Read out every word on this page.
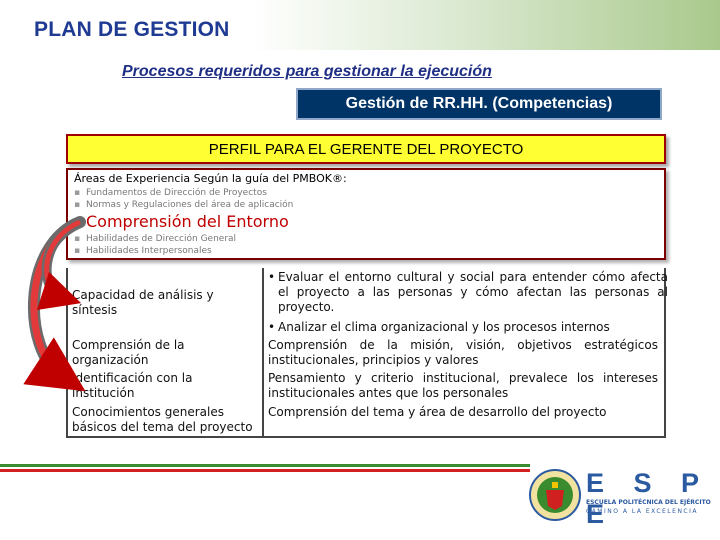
PLAN DE GESTION
Procesos requeridos para gestionar la ejecución
Gestión de RR.HH. (Competencias)
PERFIL PARA EL GERENTE DEL PROYECTO
Áreas de Experiencia Según la guía del PMBOK®:
▪ Fundamentos de Dirección de Proyectos
▪ Normas y Regulaciones del área de aplicación
▪ Comprensión del Entorno
▪ Habilidades de Dirección General
▪ Habilidades Interpersonales
Capacidad de análisis y síntesis
Comprensión de la organización
Identificación con la institución
Conocimientos generales básicos del tema del proyecto
• Evaluar el entorno cultural y social para entender cómo afecta el proyecto a las personas y cómo afectan las personas al proyecto.
• Analizar el clima organizacional y los procesos internos
Comprensión de la misión, visión, objetivos estratégicos institucionales, principios y valores
Pensamiento y criterio institucional, prevalece los intereses institucionales antes que los personales
Comprensión del tema y área de desarrollo del proyecto
E S P E
ESCUELA POLITÉCNICA DEL EJÉRCITO
CAMINO A LA EXCELENCIA
